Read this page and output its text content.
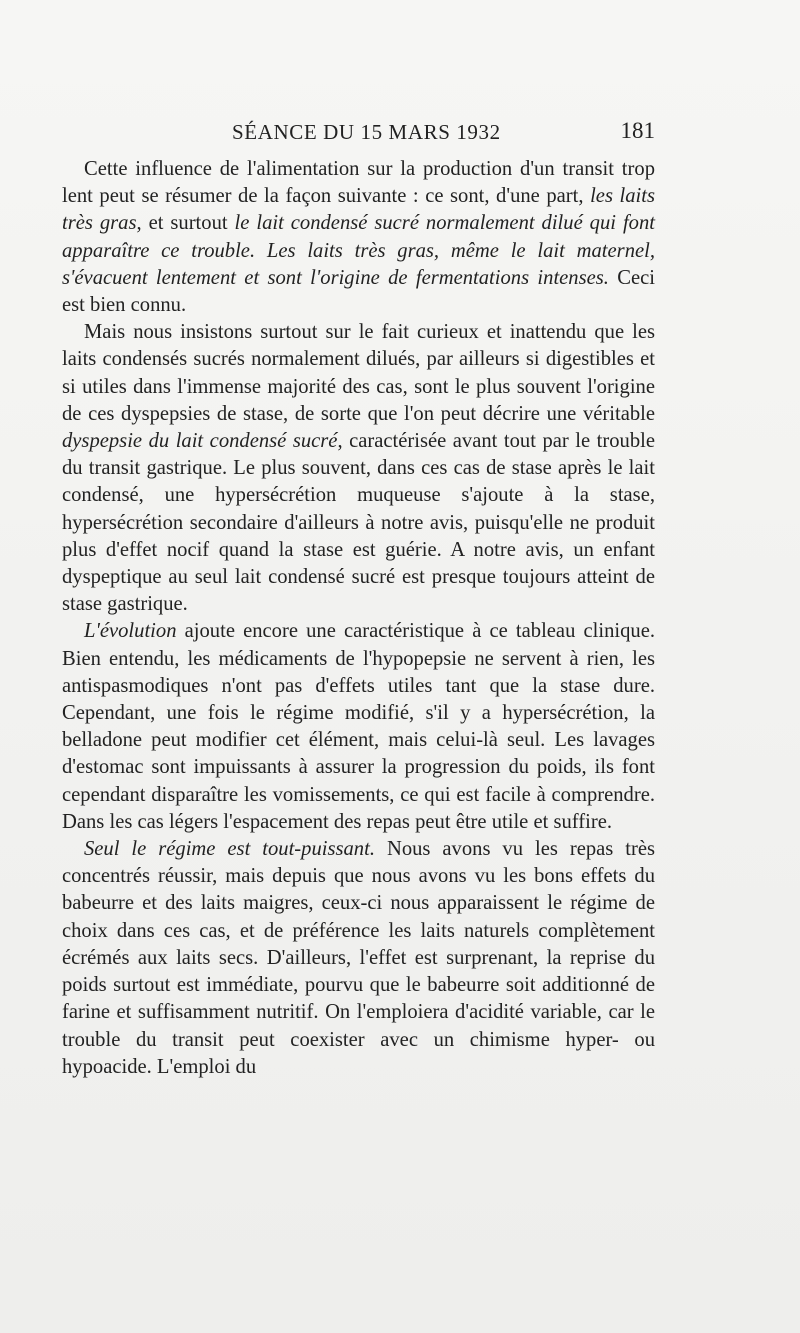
SÉANCE DU 15 MARS 1932	181

Cette influence de l'alimentation sur la production d'un transit trop lent peut se résumer de la façon suivante : ce sont, d'une part, les laits très gras, et surtout le lait condensé sucré normalement dilué qui font apparaître ce trouble. Les laits très gras, même le lait maternel, s'évacuent lentement et sont l'origine de fermentations intenses. Ceci est bien connu.

Mais nous insistons surtout sur le fait curieux et inattendu que les laits condensés sucrés normalement dilués, par ailleurs si digestibles et si utiles dans l'immense majorité des cas, sont le plus souvent l'origine de ces dyspepsies de stase, de sorte que l'on peut décrire une véritable dyspepsie du lait condensé sucré, caractérisée avant tout par le trouble du transit gastrique. Le plus souvent, dans ces cas de stase après le lait condensé, une hypersécrétion muqueuse s'ajoute à la stase, hypersécrétion secondaire d'ailleurs à notre avis, puisqu'elle ne produit plus d'effet nocif quand la stase est guérie. A notre avis, un enfant dyspeptique au seul lait condensé sucré est presque toujours atteint de stase gastrique.

L'évolution ajoute encore une caractéristique à ce tableau clinique. Bien entendu, les médicaments de l'hypopepsie ne servent à rien, les antispasmodiques n'ont pas d'effets utiles tant que la stase dure. Cependant, une fois le régime modifié, s'il y a hypersécrétion, la belladone peut modifier cet élément, mais celui-là seul. Les lavages d'estomac sont impuissants à assurer la progression du poids, ils font cependant disparaître les vomissements, ce qui est facile à comprendre. Dans les cas légers l'espacement des repas peut être utile et suffire.

Seul le régime est tout-puissant. Nous avons vu les repas très concentrés réussir, mais depuis que nous avons vu les bons effets du babeurre et des laits maigres, ceux-ci nous apparaissent le régime de choix dans ces cas, et de préférence les laits naturels complètement écrémés aux laits secs. D'ailleurs, l'effet est surprenant, la reprise du poids surtout est immédiate, pourvu que le babeurre soit additionné de farine et suffisamment nutritif. On l'emploiera d'acidité variable, car le trouble du transit peut coexister avec un chimisme hyper- ou hypoacide. L'emploi du
